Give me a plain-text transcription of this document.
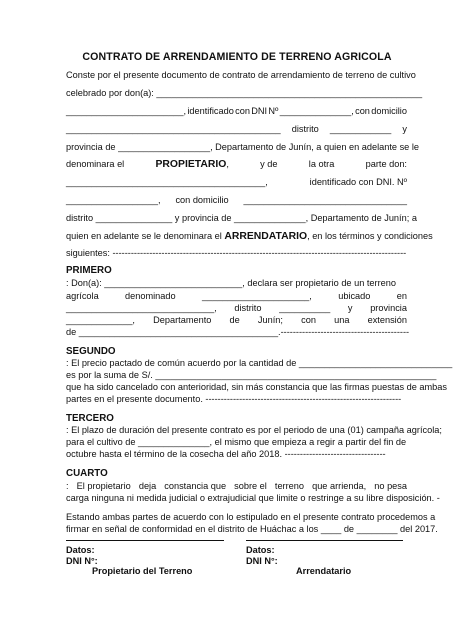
CONTRATO DE ARRENDAMIENTO DE TERRENO AGRICOLA
Conste por el presente documento de contrato de arrendamiento de terreno de cultivo
celebrado por don(a): ____________________________________________________
_______________________, identificado con DNI Nº ______________, con domicilio
__________________________________________ distrito ____________ y
provincia de __________________, Departamento de Junín, a quien en adelante se le
denominara el	PROPIETARIO,	y de	la otra	parte don:
_______________________________________,	identificado con DNI. Nº
__________________, con domicilio ________________________________
distrito _______________ y provincia de ______________, Departamento de Junín; a
quien en adelante se le denominara el ARRENDATARIO, en los términos y condiciones
siguientes: ------------------------------------------------------------------------------------------------
PRIMERO
: Don(a): ___________________________, declara ser propietario de un terreno
agrícola	denominado	_____________________,	ubicado	en
_____________________________, distrito __________ y provincia
_____________, Departamento de Junín; con una extensión
de _______________________________________.------------------------------------------
SEGUNDO
: El precio pactado de común acuerdo por la cantidad de ______________________________
es por la suma de S/. _______________________________________________________
que ha sido cancelado con anterioridad, sin más constancia que las firmas puestas de ambas
partes en el presente documento. ----------------------------------------------------------------
TERCERO
: El plazo de duración del presente contrato es por el periodo de una (01) campaña agrícola;
para el cultivo de ______________, el mismo que empieza a regir a partir del fin de
octubre hasta el término de la cosecha del año 2018. ---------------------------------
CUARTO
: El propietario deja constancia que sobre el terreno que arrienda, no pesa
carga ninguna ni medida judicial o extrajudicial que limite o restringe a su libre disposición. -
Estando ambas partes de acuerdo con lo estipulado en el presente contrato procedemos a
firmar en señal de conformidad en el distrito de Huáchac a los ____ de ________ del 2017.
Datos:
DNI N°:
Propietario del Terreno
Datos:
DNI N°:
Arrendatario
